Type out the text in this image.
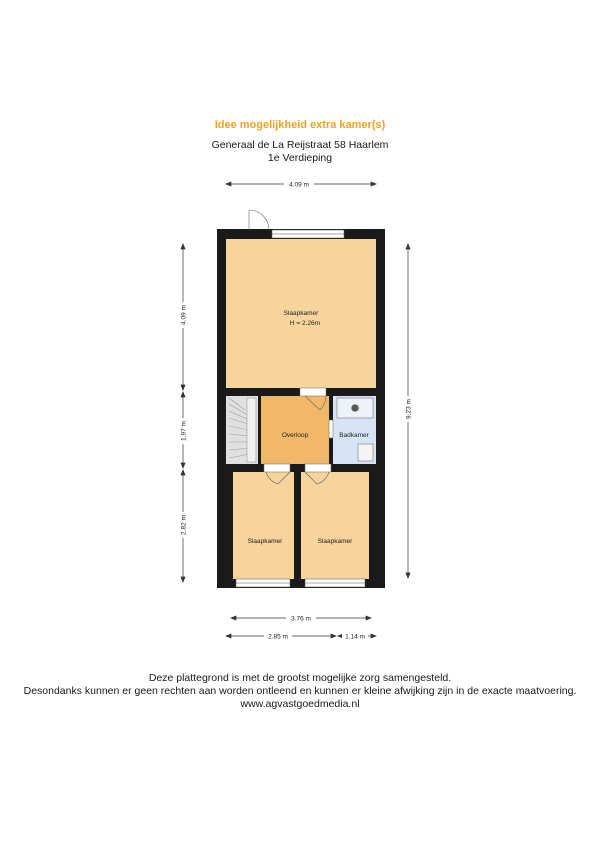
Idee mogelijkheid extra kamer(s)
Generaal de La Reijstraat 58 Haarlem
1e Verdieping
4.09 m
4.09 m
1.97 m
2.82 m
9.23 m
3.76 m
2.85 m	1.14 m
Slaapkamer
H = 2.26m
Overloop	Badkamer
Slaapkamer	Slaapkamer
Deze plattegrond is met de grootst mogelijke zorg samengesteld.
Desondanks kunnen er geen rechten aan worden ontleend en kunnen er kleine afwijking zijn in de exacte maatvoering.
www.agvastgoedmedia.nl
